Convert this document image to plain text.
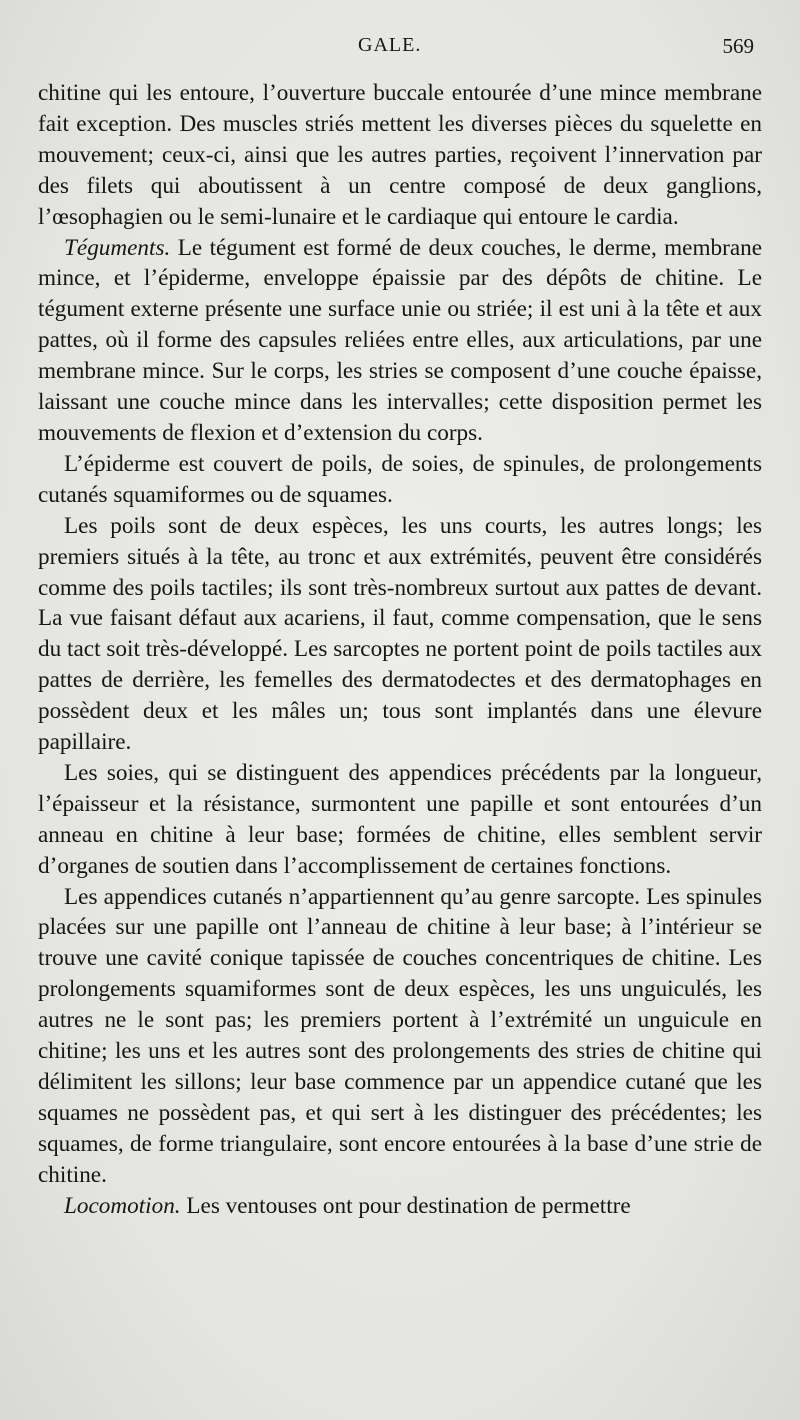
GALE.	569

chitine qui les entoure, l’ouverture buccale entourée d’une mince membrane fait exception. Des muscles striés mettent les diverses pièces du squelette en mouvement; ceux-ci, ainsi que les autres parties, reçoivent l’innervation par des filets qui aboutissent à un centre composé de deux ganglions, l’œsophagien ou le semi-lunaire et le cardiaque qui entoure le cardia.

Téguments. Le tégument est formé de deux couches, le derme, membrane mince, et l’épiderme, enveloppe épaissie par des dépôts de chitine. Le tégument externe présente une surface unie ou striée; il est uni à la tête et aux pattes, où il forme des capsules reliées entre elles, aux articulations, par une membrane mince. Sur le corps, les stries se composent d’une couche épaisse, laissant une couche mince dans les intervalles; cette disposition permet les mouvements de flexion et d’extension du corps.

L’épiderme est couvert de poils, de soies, de spinules, de prolongements cutanés squamiformes ou de squames.

Les poils sont de deux espèces, les uns courts, les autres longs; les premiers situés à la tête, au tronc et aux extrémités, peuvent être considérés comme des poils tactiles; ils sont très-nombreux surtout aux pattes de devant. La vue faisant défaut aux acariens, il faut, comme compensation, que le sens du tact soit très-développé. Les sarcoptes ne portent point de poils tactiles aux pattes de derrière, les femelles des dermatodectes et des dermatophages en possèdent deux et les mâles un; tous sont implantés dans une élevure papillaire.

Les soies, qui se distinguent des appendices précédents par la longueur, l’épaisseur et la résistance, surmontent une papille et sont entourées d’un anneau en chitine à leur base; formées de chitine, elles semblent servir d’organes de soutien dans l’accomplissement de certaines fonctions.

Les appendices cutanés n’appartiennent qu’au genre sarcopte. Les spinules placées sur une papille ont l’anneau de chitine à leur base; à l’intérieur se trouve une cavité conique tapissée de couches concentriques de chitine. Les prolongements squamiformes sont de deux espèces, les uns unguiculés, les autres ne le sont pas; les premiers portent à l’extrémité un unguicule en chitine; les uns et les autres sont des prolongements des stries de chitine qui délimitent les sillons; leur base commence par un appendice cutané que les squames ne possèdent pas, et qui sert à les distinguer des précédentes; les squames, de forme triangulaire, sont encore entourées à la base d’une strie de chitine.

Locomotion. Les ventouses ont pour destination de permettre
